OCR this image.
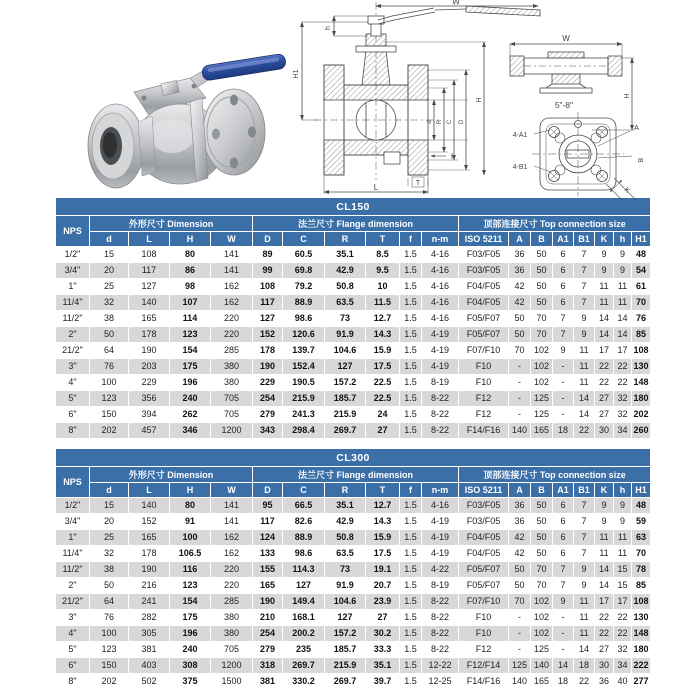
W
h
H1
d R C D
H
f
T
L
W
H
5"-8"
4-A1
A
4-B1
B
K
CL150																		
NPS	外形尺寸 Dimension				法兰尺寸 Flange dimension						顶部连接尺寸 Top connection size							
	d	L	H	W	D	C	R	T	f	n-m	ISO 5211	A	B	A1	B1	K	h	H1
1/2"	15	108	80	141	89	60.5	35.1	8.5	1.5	4-16	F03/F05	36	50	6	7	9	9	48
3/4"	20	117	86	141	99	69.8	42.9	9.5	1.5	4-16	F03/F05	36	50	6	7	9	9	54
1"	25	127	98	162	108	79.2	50.8	10	1.5	4-16	F04/F05	42	50	6	7	11	11	61
11/4"	32	140	107	162	117	88.9	63.5	11.5	1.5	4-16	F04/F05	42	50	6	7	11	11	70
11/2"	38	165	114	220	127	98.6	73	12.7	1.5	4-16	F05/F07	50	70	7	9	14	14	76
2"	50	178	123	220	152	120.6	91.9	14.3	1.5	4-19	F05/F07	50	70	7	9	14	14	85
21/2"	64	190	154	285	178	139.7	104.6	15.9	1.5	4-19	F07/F10	70	102	9	11	17	17	108
3"	76	203	175	380	190	152.4	127	17.5	1.5	4-19	F10	-	102	-	11	22	22	130
4"	100	229	196	380	229	190.5	157.2	22.5	1.5	8-19	F10	-	102	-	11	22	22	148
5"	123	356	240	705	254	215.9	185.7	22.5	1.5	8-22	F12	-	125	-	14	27	32	180
6"	150	394	262	705	279	241.3	215.9	24	1.5	8-22	F12	-	125	-	14	27	32	202
8"	202	457	346	1200	343	298.4	269.7	27	1.5	8-22	F14/F16	140	165	18	22	30	34	260
CL300																		
NPS	外形尺寸 Dimension				法兰尺寸 Flange dimension						顶部连接尺寸 Top connection size							
	d	L	H	W	D	C	R	T	f	n-m	ISO 5211	A	B	A1	B1	K	h	H1
1/2"	15	140	80	141	95	66.5	35.1	12.7	1.5	4-16	F03/F05	36	50	6	7	9	9	48
3/4"	20	152	91	141	117	82.6	42.9	14.3	1.5	4-19	F03/F05	36	50	6	7	9	9	59
1"	25	165	100	162	124	88.9	50.8	15.9	1.5	4-19	F04/F05	42	50	6	7	11	11	63
11/4"	32	178	106.5	162	133	98.6	63.5	17.5	1.5	4-19	F04/F05	42	50	6	7	11	11	70
11/2"	38	190	116	220	155	114.3	73	19.1	1.5	4-22	F05/F07	50	70	7	9	14	15	78
2"	50	216	123	220	165	127	91.9	20.7	1.5	8-19	F05/F07	50	70	7	9	14	15	85
21/2"	64	241	154	285	190	149.4	104.6	23.9	1.5	8-22	F07/F10	70	102	9	11	17	17	108
3"	76	282	175	380	210	168.1	127	27	1.5	8-22	F10	-	102	-	11	22	22	130
4"	100	305	196	380	254	200.2	157.2	30.2	1.5	8-22	F10	-	102	-	11	22	22	148
5"	123	381	240	705	279	235	185.7	33.3	1.5	8-22	F12	-	125	-	14	27	32	180
6"	150	403	308	1200	318	269.7	215.9	35.1	1.5	12-22	F12/F14	125	140	14	18	30	34	222
8"	202	502	375	1500	381	330.2	269.7	39.7	1.5	12-25	F14/F16	140	165	18	22	36	40	277
